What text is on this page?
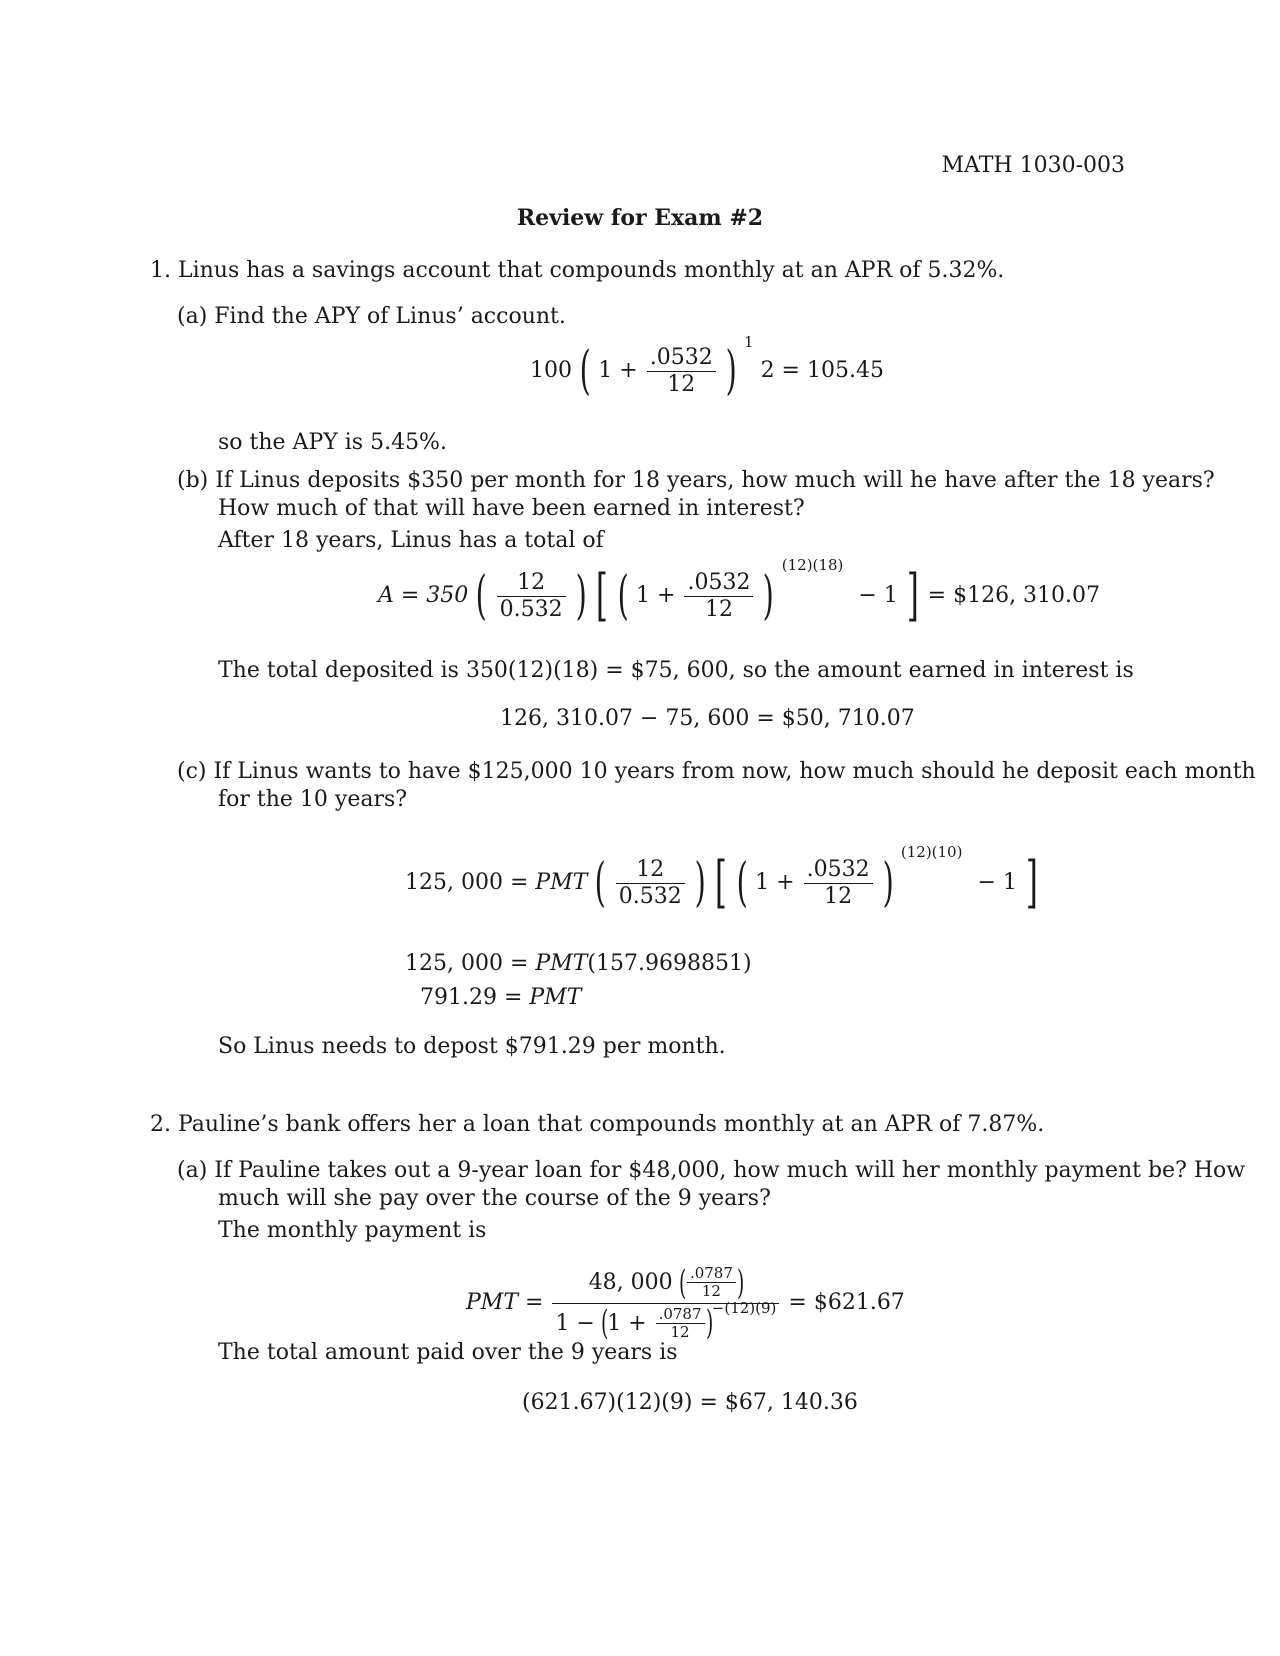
MATH 1030-003
Review for Exam #2
1. Linus has a savings account that compounds monthly at an APR of 5.32%.
(a) Find the APY of Linus’ account.
100 ( $1 + \frac{.0532}{12}$ ) 1 2 = 105.45
so the APY is 5.45%.
(b) If Linus deposits $350 per month for 18 years, how much will he have after the 18 years?
How much of that will have been earned in interest?
After 18 years, Linus has a total of
A = 350 ( $\frac{12}{0.532}$ ) [ ( $1 + \frac{.0532}{12}$ ) (12)(18) − 1 ] = $126, 310.07
The total deposited is 350(12)(18) = $75, 600, so the amount earned in interest is
126, 310.07 − 75, 600 = $50, 710.07
(c) If Linus wants to have $125,000 10 years from now, how much should he deposit each month
for the 10 years?
125, 000 = PMT ( $\frac{12}{0.532}$ ) [ ( $1 + \frac{.0532}{12}$ ) (12)(10) − 1 ]
125, 000 = PMT(157.9698851)
791.29 = PMT
So Linus needs to depost $791.29 per month.
2. Pauline’s bank offers her a loan that compounds monthly at an APR of 7.87%.
(a) If Pauline takes out a 9-year loan for $48,000, how much will her monthly payment be? How
much will she pay over the course of the 9 years?
The monthly payment is
PMT = $\frac{48, 000 ( \frac{.0787}{12} )}{1 - (1 + \frac{.0787}{12} )-(12)(9)}$ = $621.67
The total amount paid over the 9 years is
(621.67)(12)(9) = $67, 140.36
